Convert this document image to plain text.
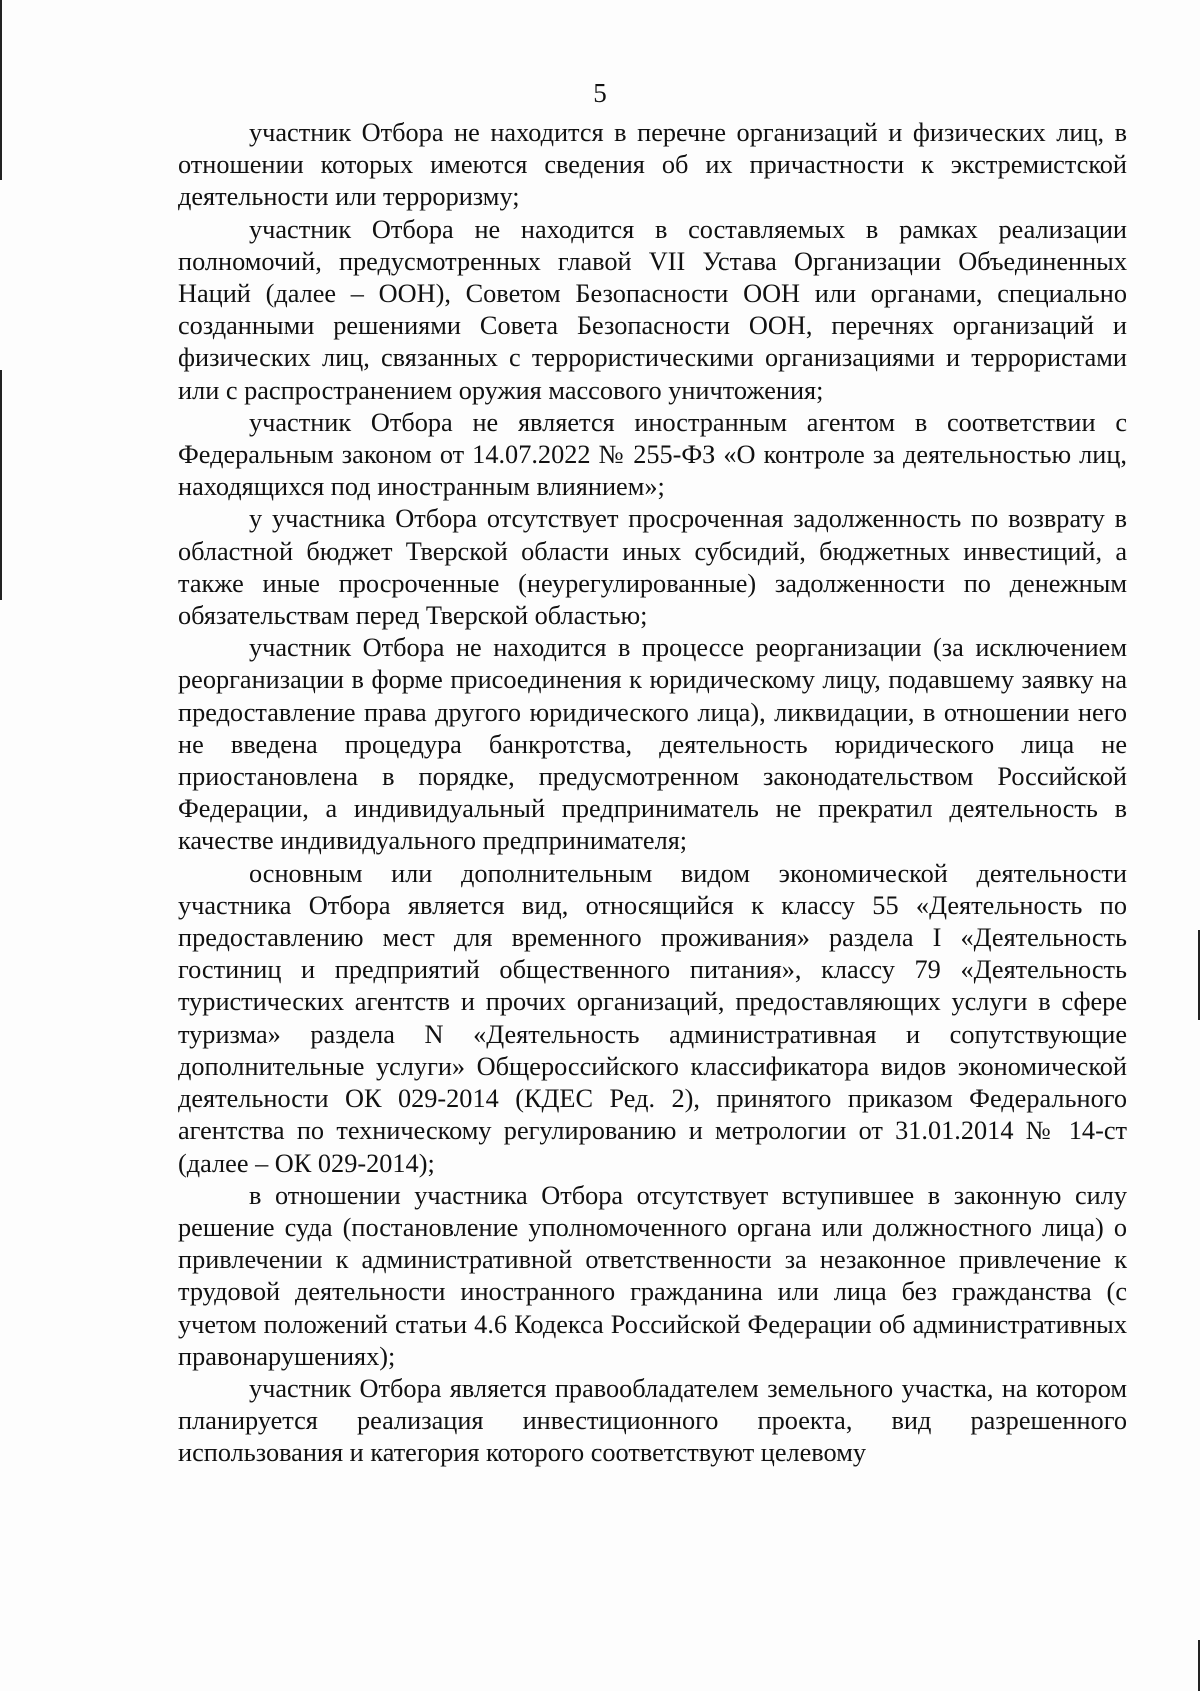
5

участник Отбора не находится в перечне организаций и физических лиц, в отношении которых имеются сведения об их причастности к экстремистской деятельности или терроризму;

участник Отбора не находится в составляемых в рамках реализации полномочий, предусмотренных главой VII Устава Организации Объединенных Наций (далее – ООН), Советом Безопасности ООН или органами, специально созданными решениями Совета Безопасности ООН, перечнях организаций и физических лиц, связанных с террористическими организациями и террористами или с распространением оружия массового уничтожения;

участник Отбора не является иностранным агентом в соответствии с Федеральным законом от 14.07.2022 № 255-ФЗ «О контроле за деятельностью лиц, находящихся под иностранным влиянием»;

у участника Отбора отсутствует просроченная задолженность по возврату в областной бюджет Тверской области иных субсидий, бюджетных инвестиций, а также иные просроченные (неурегулированные) задолженности по денежным обязательствам перед Тверской областью;

участник Отбора не находится в процессе реорганизации (за исключением реорганизации в форме присоединения к юридическому лицу, подавшему заявку на предоставление права другого юридического лица), ликвидации, в отношении него не введена процедура банкротства, деятельность юридического лица не приостановлена в порядке, предусмотренном законодательством Российской Федерации, а индивидуальный предприниматель не прекратил деятельность в качестве индивидуального предпринимателя;

основным или дополнительным видом экономической деятельности участника Отбора является вид, относящийся к классу 55 «Деятельность по предоставлению мест для временного проживания» раздела I «Деятельность гостиниц и предприятий общественного питания», классу 79 «Деятельность туристических агентств и прочих организаций, предоставляющих услуги в сфере туризма» раздела N «Деятельность административная и сопутствующие дополнительные услуги» Общероссийского классификатора видов экономической деятельности ОК 029-2014 (КДЕС Ред. 2), принятого приказом Федерального агентства по техническому регулированию и метрологии от 31.01.2014 № 14-ст (далее – ОК 029-2014);

в отношении участника Отбора отсутствует вступившее в законную силу решение суда (постановление уполномоченного органа или должностного лица) о привлечении к административной ответственности за незаконное привлечение к трудовой деятельности иностранного гражданина или лица без гражданства (с учетом положений статьи 4.6 Кодекса Российской Федерации об административных правонарушениях);

участник Отбора является правообладателем земельного участка, на котором планируется реализация инвестиционного проекта, вид разрешенного использования и категория которого соответствуют целевому
